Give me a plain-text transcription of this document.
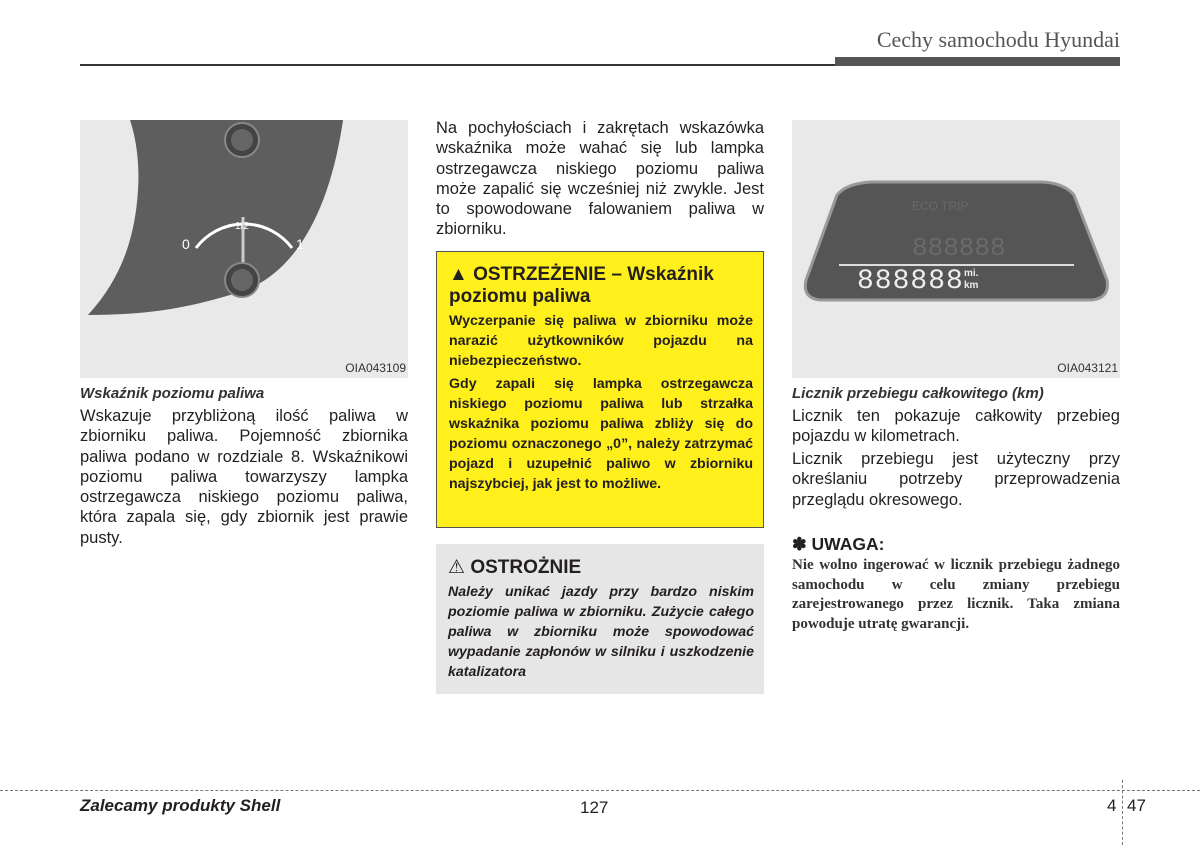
Cechy samochodu Hyundai
0
1/2
1
OIA043109
Wskaźnik poziomu paliwa
Wskazuje przybliżoną ilość paliwa w zbiorniku paliwa. Pojemność zbiornika paliwa podano w rozdziale 8. Wskaźnikowi poziomu paliwa towarzyszy lampka ostrzegawcza niskiego poziomu paliwa, która zapala się, gdy zbiornik jest prawie pusty.
Na pochyłościach i zakrętach wskazówka wskaźnika może wahać się lub lampka ostrzegawcza niskiego poziomu paliwa może zapalić się wcześniej niż zwykle. Jest to spowodowane falowaniem paliwa w zbiorniku.
▲ OSTRZEŻENIE – Wskaźnik poziomu paliwa

Wyczerpanie się paliwa w zbiorniku może narazić użytkowników pojazdu na niebezpieczeństwo.

Gdy zapali się lampka ostrzegawcza niskiego poziomu paliwa lub strzałka wskaźnika poziomu paliwa zbliży się do poziomu oznaczonego „0”, należy zatrzymać pojazd i uzupełnić paliwo w zbiorniku najszybciej, jak jest to możliwe.

⚠ OSTROŻNIE
Należy unikać jazdy przy bardzo niskim poziomie paliwa w zbiorniku. Zużycie całego paliwa w zbiorniku może spowodować wypadanie zapłonów w silniku i uszkodzenie katalizatora
ECO TRIP
888888
888888 mi.
km
OIA043121
Licznik przebiegu całkowitego (km)
Licznik ten pokazuje całkowity przebieg pojazdu w kilometrach.
Licznik przebiegu jest użyteczny przy określaniu potrzeby przeprowadzenia przeglądu okresowego.
✽ UWAGA:
Nie wolno ingerować w licznik przebiegu żadnego samochodu w celu zmiany przebiegu zarejestrowanego przez licznik. Taka zmiana powoduje utratę gwarancji.
Zalecamy produkty Shell	127	4 47
